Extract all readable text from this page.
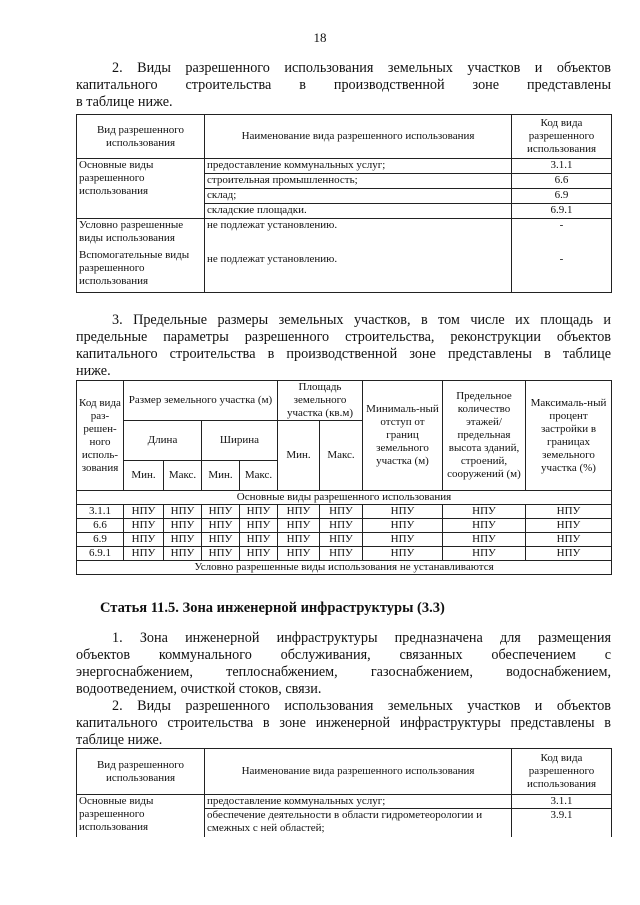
18
2. Виды разрешенного использования земельных участков и объектов
капитального строительства в производственной зоне представлены
в таблице ниже.
Вид разрешенного использования	Наименование вида разрешенного использования	Код вида разрешенного использования
Основные виды разрешенного использования	предоставление коммунальных услуг;	3.1.1
	строительная промышленность;	6.6
	склад;	6.9
	складские площадки.	6.9.1
Условно разрешенные виды использования	не подлежат установлению.	-
Вспомогательные виды разрешенного использования	не подлежат установлению.	-
3. Предельные размеры земельных участков, в том числе их площадь и
предельные параметры разрешенного строительства, реконструкции объектов
капитального строительства в производственной зоне представлены в таблице
ниже.
Код вида раз-решен-ного исполь-зования	Размер земельного участка (м)				Площадь земельного участка (кв.м)		Минималь-ный отступ от границ земельного участка (м)	Предельное количество этажей/ предельная высота зданий, строений, сооружений (м)	Максималь-ный процент застройки в границах земельного участка (%)
	Длина		Ширина		Мин.	Макс.			
	Мин.	Макс.	Мин.	Макс.					
Основные виды разрешенного использования									
3.1.1	НПУ	НПУ	НПУ	НПУ	НПУ	НПУ	НПУ	НПУ	НПУ
6.6	НПУ	НПУ	НПУ	НПУ	НПУ	НПУ	НПУ	НПУ	НПУ
6.9	НПУ	НПУ	НПУ	НПУ	НПУ	НПУ	НПУ	НПУ	НПУ
6.9.1	НПУ	НПУ	НПУ	НПУ	НПУ	НПУ	НПУ	НПУ	НПУ
Условно разрешенные виды использования не устанавливаются									
Статья 11.5. Зона инженерной инфраструктуры (3.3)
1. Зона инженерной инфраструктуры предназначена для размещения
объектов коммунального обслуживания, связанных обеспечением с
энергоснабжением, теплоснабжением, газоснабжением, водоснабжением,
водоотведением, очисткой стоков, связи.
2. Виды разрешенного использования земельных участков и объектов
капитального строительства в зоне инженерной инфраструктуры представлены в
таблице ниже.
Вид разрешенного использования	Наименование вида разрешенного использования	Код вида разрешенного использования
Основные виды разрешенного использования	предоставление коммунальных услуг;	3.1.1
	обеспечение деятельности в области гидрометеорологии и смежных с ней областей;	3.9.1
